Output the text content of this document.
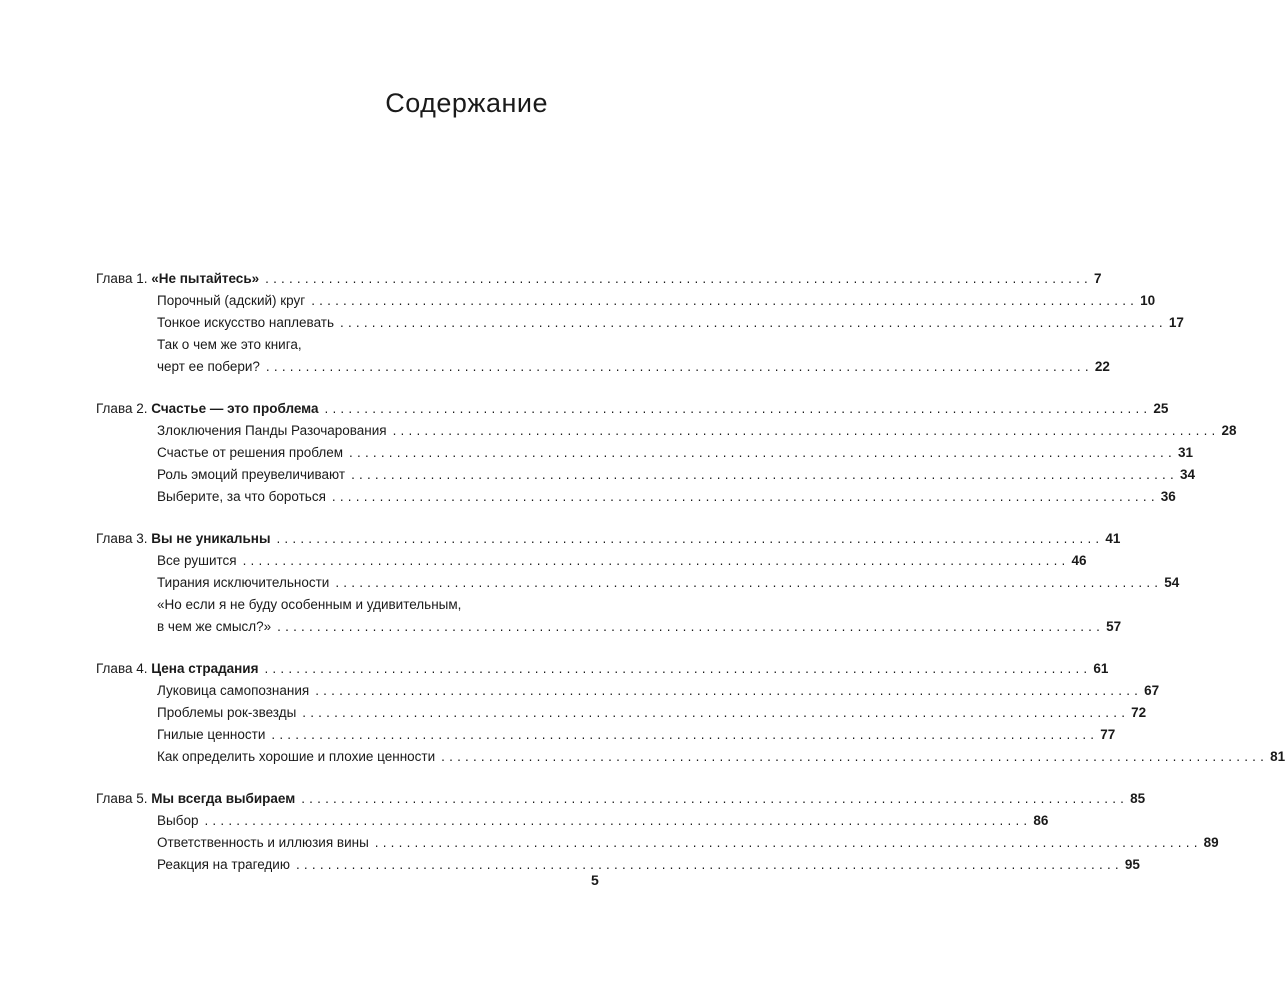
Содержание
Глава 1. «Не пытайтесь» ........................................................................................................ 7
Порочный (адский) круг ........................................................................................................ 10
Тонкое искусство наплевать ........................................................................................................ 17
Так о чем же это книга,
черт ее побери? ........................................................................................................ 22
Глава 2. Счастье — это проблема ........................................................................................................ 25
Злоключения Панды Разочарования ........................................................................................................ 28
Счастье от решения проблем ........................................................................................................ 31
Роль эмоций преувеличивают ........................................................................................................ 34
Выберите, за что бороться ........................................................................................................ 36
Глава 3. Вы не уникальны ........................................................................................................ 41
Все рушится ........................................................................................................ 46
Тирания исключительности ........................................................................................................ 54
«Но если я не буду особенным и удивительным,
в чем же смысл?» ........................................................................................................ 57
Глава 4. Цена страдания ........................................................................................................ 61
Луковица самопознания ........................................................................................................ 67
Проблемы рок-звезды ........................................................................................................ 72
Гнилые ценности ........................................................................................................ 77
Как определить хорошие и плохие ценности ........................................................................................................ 81
Глава 5. Мы всегда выбираем ........................................................................................................ 85
Выбор ........................................................................................................ 86
Ответственность и иллюзия вины ........................................................................................................ 89
Реакция на трагедию ........................................................................................................ 95
5
